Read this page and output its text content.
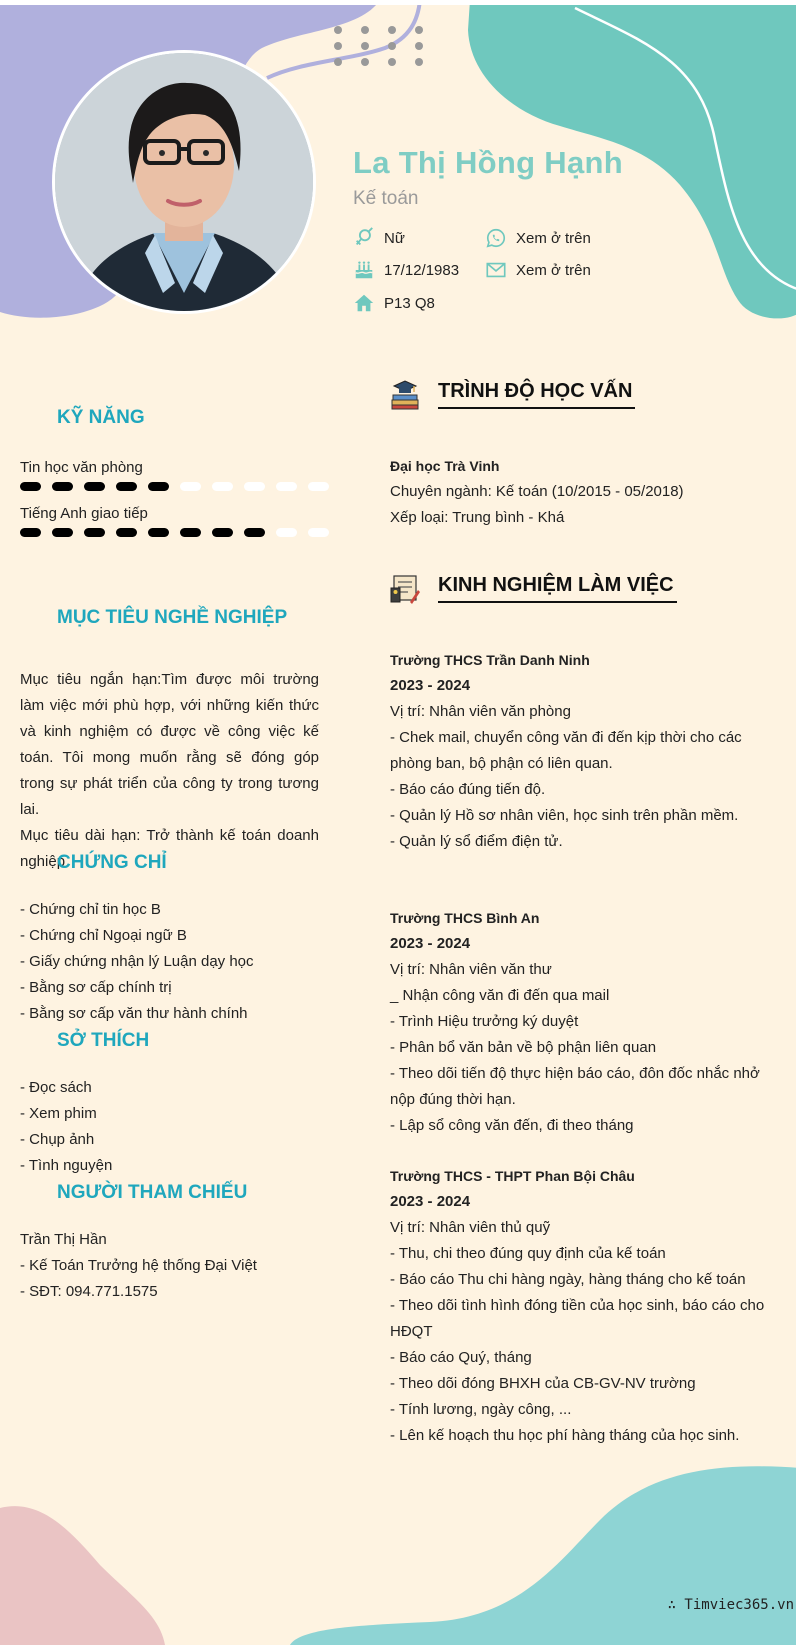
La Thị Hồng Hạnh
Kế toán
Nữ
17/12/1983
P13 Q8
Xem ở trên
Xem ở trên
KỸ NĂNG
Tin học văn phòng
Tiếng Anh giao tiếp
MỤC TIÊU NGHỀ NGHIỆP

Mục tiêu ngắn hạn:Tìm được môi trường làm việc mới phù hợp, với những kiến thức và kinh nghiệm có được về công việc kế toán. Tôi mong muốn rằng sẽ đóng góp trong sự phát triển của công ty trong tương lai.

Mục tiêu dài hạn: Trở thành kế toán doanh nghiệp

CHỨNG CHỈ
- Chứng chỉ tin học B
- Chứng chỉ Ngoại ngữ B
- Giấy chứng nhận lý Luận dạy học
- Bằng sơ cấp chính trị
- Bằng sơ cấp văn thư hành chính
SỞ THÍCH
- Đọc sách
- Xem phim
- Chụp ảnh
- Tình nguyện
NGƯỜI THAM CHIẾU
Trần Thị Hần
- Kế Toán Trưởng hệ thống Đại Việt
- SĐT: 094.771.1575
TRÌNH ĐỘ HỌC VẤN
Đại học Trà Vinh
Chuyên ngành: Kế toán (10/2015 - 05/2018)
Xếp loại: Trung bình - Khá
KINH NGHIỆM LÀM VIỆC
Trường THCS Trần Danh Ninh
2023 - 2024
Vị trí: Nhân viên văn phòng
- Chek mail, chuyển công văn đi đến kịp thời cho các phòng ban, bộ phận có liên quan.
- Báo cáo đúng tiến độ.
- Quản lý Hồ sơ nhân viên, học sinh trên phần mềm.
- Quản lý sổ điểm điện tử.
Trường THCS Bình An
2023 - 2024
Vị trí: Nhân viên văn thư
_ Nhận công văn đi đến qua mail
- Trình Hiệu trưởng ký duyệt
- Phân bổ văn bản về bộ phận liên quan
- Theo dõi tiến độ thực hiện báo cáo, đôn đốc nhắc nhở nộp đúng thời hạn.
- Lập sổ công văn đến, đi theo tháng
Trường THCS - THPT Phan Bội Châu
2023 - 2024
Vị trí: Nhân viên thủ quỹ
- Thu, chi theo đúng quy định của kế toán
- Báo cáo Thu chi hàng ngày, hàng tháng cho kế toán
- Theo dõi tình hình đóng tiền của học sinh, báo cáo cho HĐQT
- Báo cáo Quý, tháng
- Theo dõi đóng BHXH của CB-GV-NV trường
- Tính lương, ngày công, ...
- Lên kế hoạch thu học phí hàng tháng của học sinh.
∴ Timviec365.vn
